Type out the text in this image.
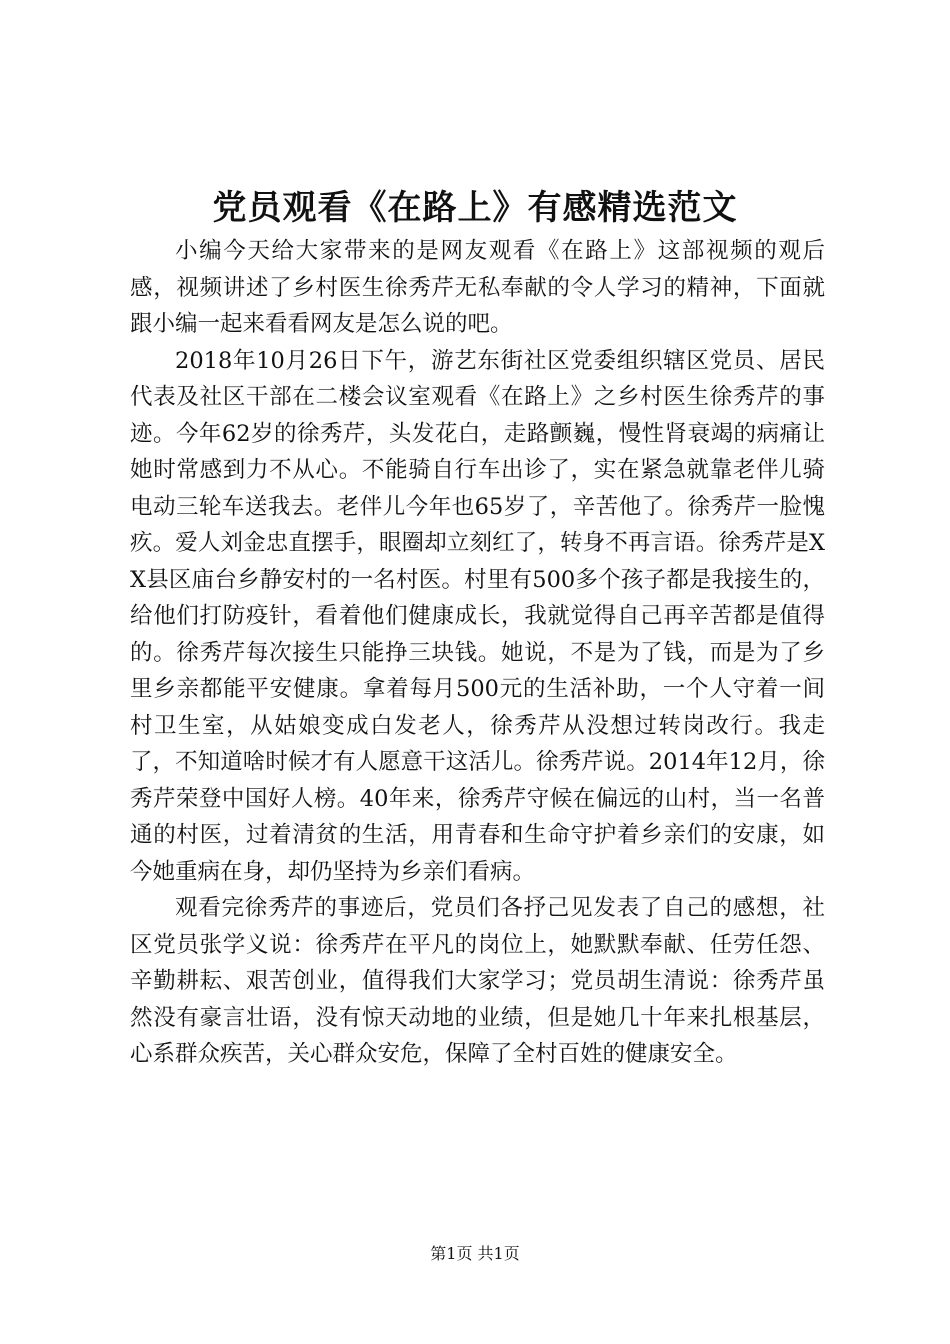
党员观看《在路上》有感精选范文

小编今天给大家带来的是网友观看《在路上》这部视频的观后感，视频讲述了乡村医生徐秀芹无私奉献的令人学习的精神，下面就跟小编一起来看看网友是怎么说的吧。

2018年10月26日下午，游艺东街社区党委组织辖区党员、居民代表及社区干部在二楼会议室观看《在路上》之乡村医生徐秀芹的事迹。今年62岁的徐秀芹，头发花白，走路颤巍，慢性肾衰竭的病痛让她时常感到力不从心。不能骑自行车出诊了，实在紧急就靠老伴儿骑电动三轮车送我去。老伴儿今年也65岁了，辛苦他了。徐秀芹一脸愧疚。爱人刘金忠直摆手，眼圈却立刻红了，转身不再言语。徐秀芹是XX县区庙台乡静安村的一名村医。村里有500多个孩子都是我接生的，给他们打防疫针，看着他们健康成长，我就觉得自己再辛苦都是值得的。徐秀芹每次接生只能挣三块钱。她说，不是为了钱，而是为了乡里乡亲都能平安健康。拿着每月500元的生活补助，一个人守着一间村卫生室，从姑娘变成白发老人，徐秀芹从没想过转岗改行。我走了，不知道啥时候才有人愿意干这活儿。徐秀芹说。2014年12月，徐秀芹荣登中国好人榜。40年来，徐秀芹守候在偏远的山村，当一名普通的村医，过着清贫的生活，用青春和生命守护着乡亲们的安康，如今她重病在身，却仍坚持为乡亲们看病。

观看完徐秀芹的事迹后，党员们各抒己见发表了自己的感想，社区党员张学义说：徐秀芹在平凡的岗位上，她默默奉献、任劳任怨、辛勤耕耘、艰苦创业，值得我们大家学习；党员胡生清说：徐秀芹虽然没有豪言壮语，没有惊天动地的业绩，但是她几十年来扎根基层，心系群众疾苦，关心群众安危，保障了全村百姓的健康安全。

第1页 共1页
